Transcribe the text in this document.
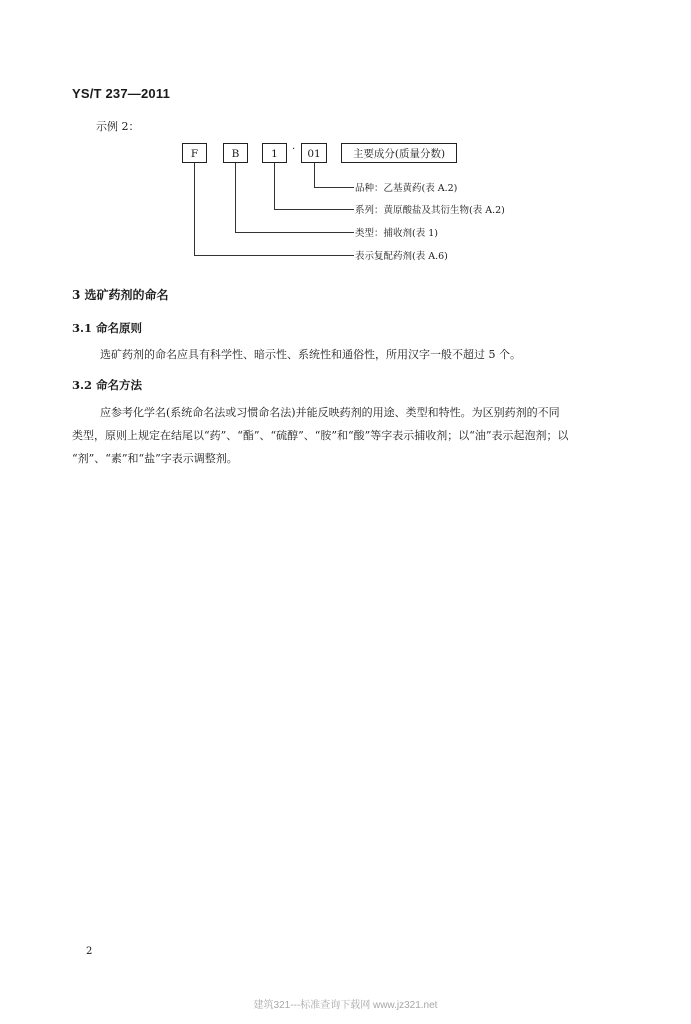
YS/T 237—2011
示例 2：
F	B	1	·	01	主要成分(质量分数)
品种：乙基黄药(表 A.2)
系列：黄原酸盐及其衍生物(表 A.2)
类型：捕收剂(表 1)
表示复配药剂(表 A.6)
3 选矿药剂的命名
3.1 命名原则
选矿药剂的命名应具有科学性、暗示性、系统性和通俗性，所用汉字一般不超过 5 个。
3.2 命名方法
应参考化学名(系统命名法或习惯命名法)并能反映药剂的用途、类型和特性。为区别药剂的不同
类型，原则上规定在结尾以“药”、“酯”、“硫醇”、“胺”和“酸”等字表示捕收剂；以“油”表示起泡剂；以
“剂”、“素”和“盐”字表示调整剂。
2
建筑321---标准查询下载网 www.jz321.net
